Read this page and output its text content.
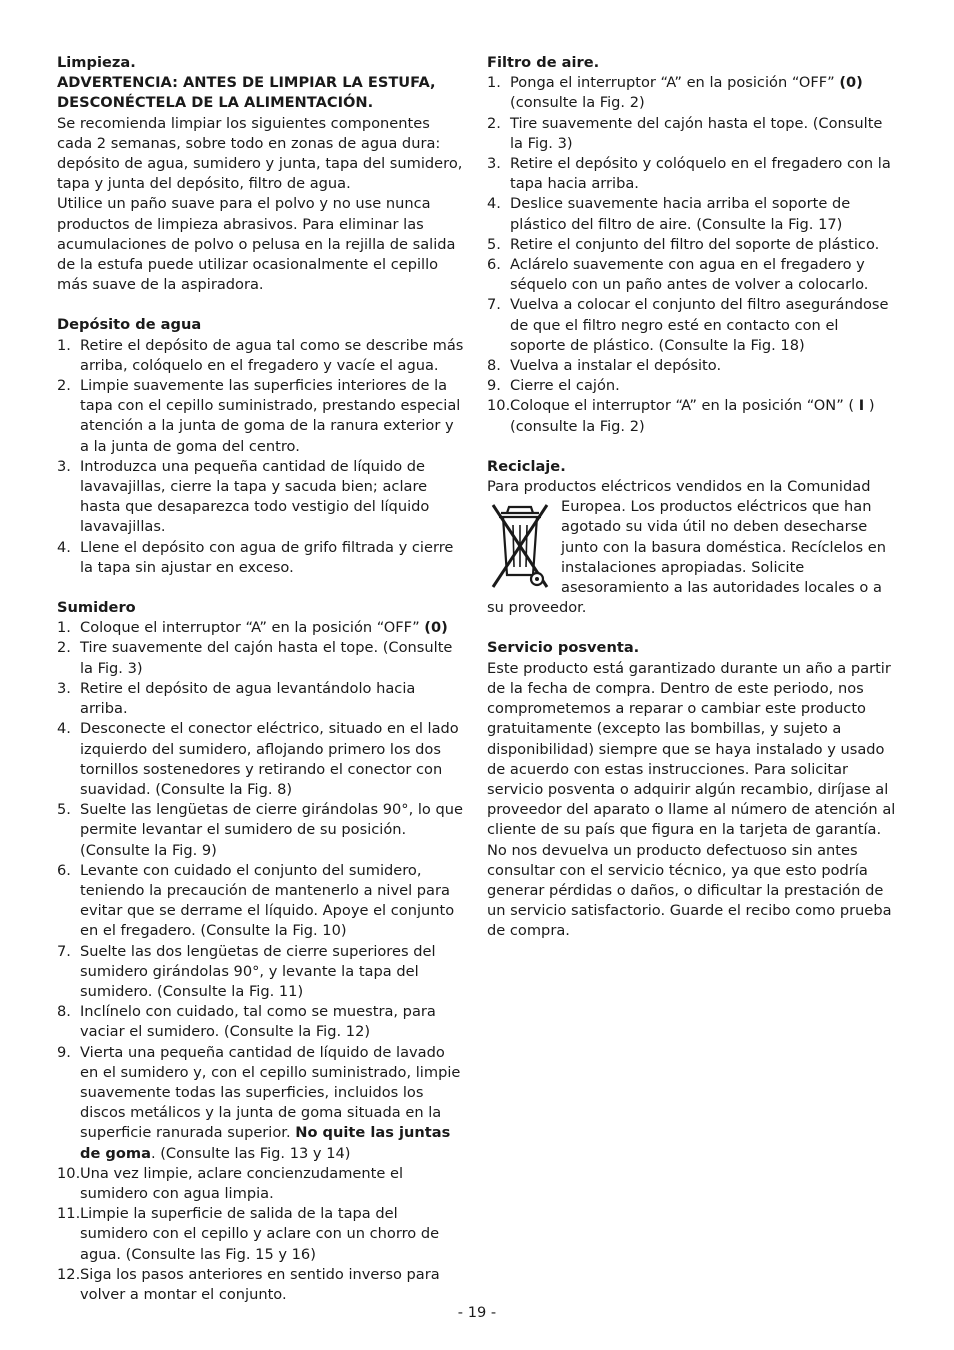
Limpieza.

ADVERTENCIA: ANTES DE LIMPIAR LA ESTUFA,

DESCONÉCTELA DE LA ALIMENTACIÓN.

Se recomienda limpiar los siguientes componentes cada 2 semanas, sobre todo en zonas de agua dura:

depósito de agua, sumidero y junta, tapa del sumidero, tapa y junta del depósito, filtro de agua.

Utilice un paño suave para el polvo y no use nunca productos de limpieza abrasivos. Para eliminar las acumulaciones de polvo o pelusa en la rejilla de salida de la estufa puede utilizar ocasionalmente el cepillo más suave de la aspiradora.

Depósito de agua

1. Retire el depósito de agua tal como se describe más arriba, colóquelo en el fregadero y vacíe el agua.
2. Limpie suavemente las superficies interiores de la tapa con el cepillo suministrado, prestando especial atención a la junta de goma de la ranura exterior y a la junta de goma del centro.
3. Introduzca una pequeña cantidad de líquido de lavavajillas, cierre la tapa y sacuda bien; aclare hasta que desaparezca todo vestigio del líquido lavavajillas.
4. Llene el depósito con agua de grifo filtrada y cierre la tapa sin ajustar en exceso.

Sumidero

1. Coloque el interruptor “A” en la posición “OFF” (0)
2. Tire suavemente del cajón hasta el tope. (Consulte la Fig. 3)
3. Retire el depósito de agua levantándolo hacia arriba.
4. Desconecte el conector eléctrico, situado en el lado izquierdo del sumidero, aflojando primero los dos tornillos sostenedores y retirando el conector con suavidad. (Consulte la Fig. 8)
5. Suelte las lengüetas de cierre girándolas 90°, lo que permite levantar el sumidero de su posición. (Consulte la Fig. 9)
6. Levante con cuidado el conjunto del sumidero, teniendo la precaución de mantenerlo a nivel para evitar que se derrame el líquido. Apoye el conjunto en el fregadero. (Consulte la Fig. 10)
7. Suelte las dos lengüetas de cierre superiores del sumidero girándolas 90°, y levante la tapa del sumidero. (Consulte la Fig. 11)
8. Inclínelo con cuidado, tal como se muestra, para vaciar el sumidero. (Consulte la Fig. 12)
9. Vierta una pequeña cantidad de líquido de lavado en el sumidero y, con el cepillo suministrado, limpie suavemente todas las superficies, incluidos los discos metálicos y la junta de goma situada en la superficie ranurada superior. No quite las juntas de goma. (Consulte las Fig. 13 y 14)
10. Una vez limpie, aclare concienzudamente el sumidero con agua limpia.
11. Limpie la superficie de salida de la tapa del sumidero con el cepillo y aclare con un chorro de agua. (Consulte las Fig. 15 y 16)
12. Siga los pasos anteriores en sentido inverso para volver a montar el conjunto.

Filtro de aire.

1. Ponga el interruptor “A” en la posición “OFF” (0) (consulte la Fig. 2)
2. Tire suavemente del cajón hasta el tope. (Consulte la Fig. 3)
3. Retire el depósito y colóquelo en el fregadero con la tapa hacia arriba.
4. Deslice suavemente hacia arriba el soporte de plástico del filtro de aire. (Consulte la Fig. 17)
5. Retire el conjunto del filtro del soporte de plástico.
6. Aclárelo suavemente con agua en el fregadero y séquelo con un paño antes de volver a colocarlo.
7. Vuelva a colocar el conjunto del filtro asegurándose de que el filtro negro esté en contacto con el soporte de plástico. (Consulte la Fig. 18)
8. Vuelva a instalar el depósito.
9. Cierre el cajón.
10. Coloque el interruptor “A” en la posición “ON” ( I ) (consulte la Fig. 2)

Reciclaje.

Para productos eléctricos vendidos en la Comunidad

Europea. Los productos eléctricos que han agotado su vida útil no deben desecharse junto con la basura doméstica. Recíclelos en instalaciones apropiadas. Solicite asesoramiento a las autoridades locales o a su proveedor.

Servicio posventa.

Este producto está garantizado durante un año a partir de la fecha de compra. Dentro de este periodo, nos comprometemos a reparar o cambiar este producto gratuitamente (excepto las bombillas, y sujeto a disponibilidad) siempre que se haya instalado y usado de acuerdo con estas instrucciones. Para solicitar servicio posventa o adquirir algún recambio, diríjase al proveedor del aparato o llame al número de atención al cliente de su país que figura en la tarjeta de garantía. No nos devuelva un producto defectuoso sin antes consultar con el servicio técnico, ya que esto podría generar pérdidas o daños, o dificultar la prestación de un servicio satisfactorio. Guarde el recibo como prueba de compra.

- 19 -
